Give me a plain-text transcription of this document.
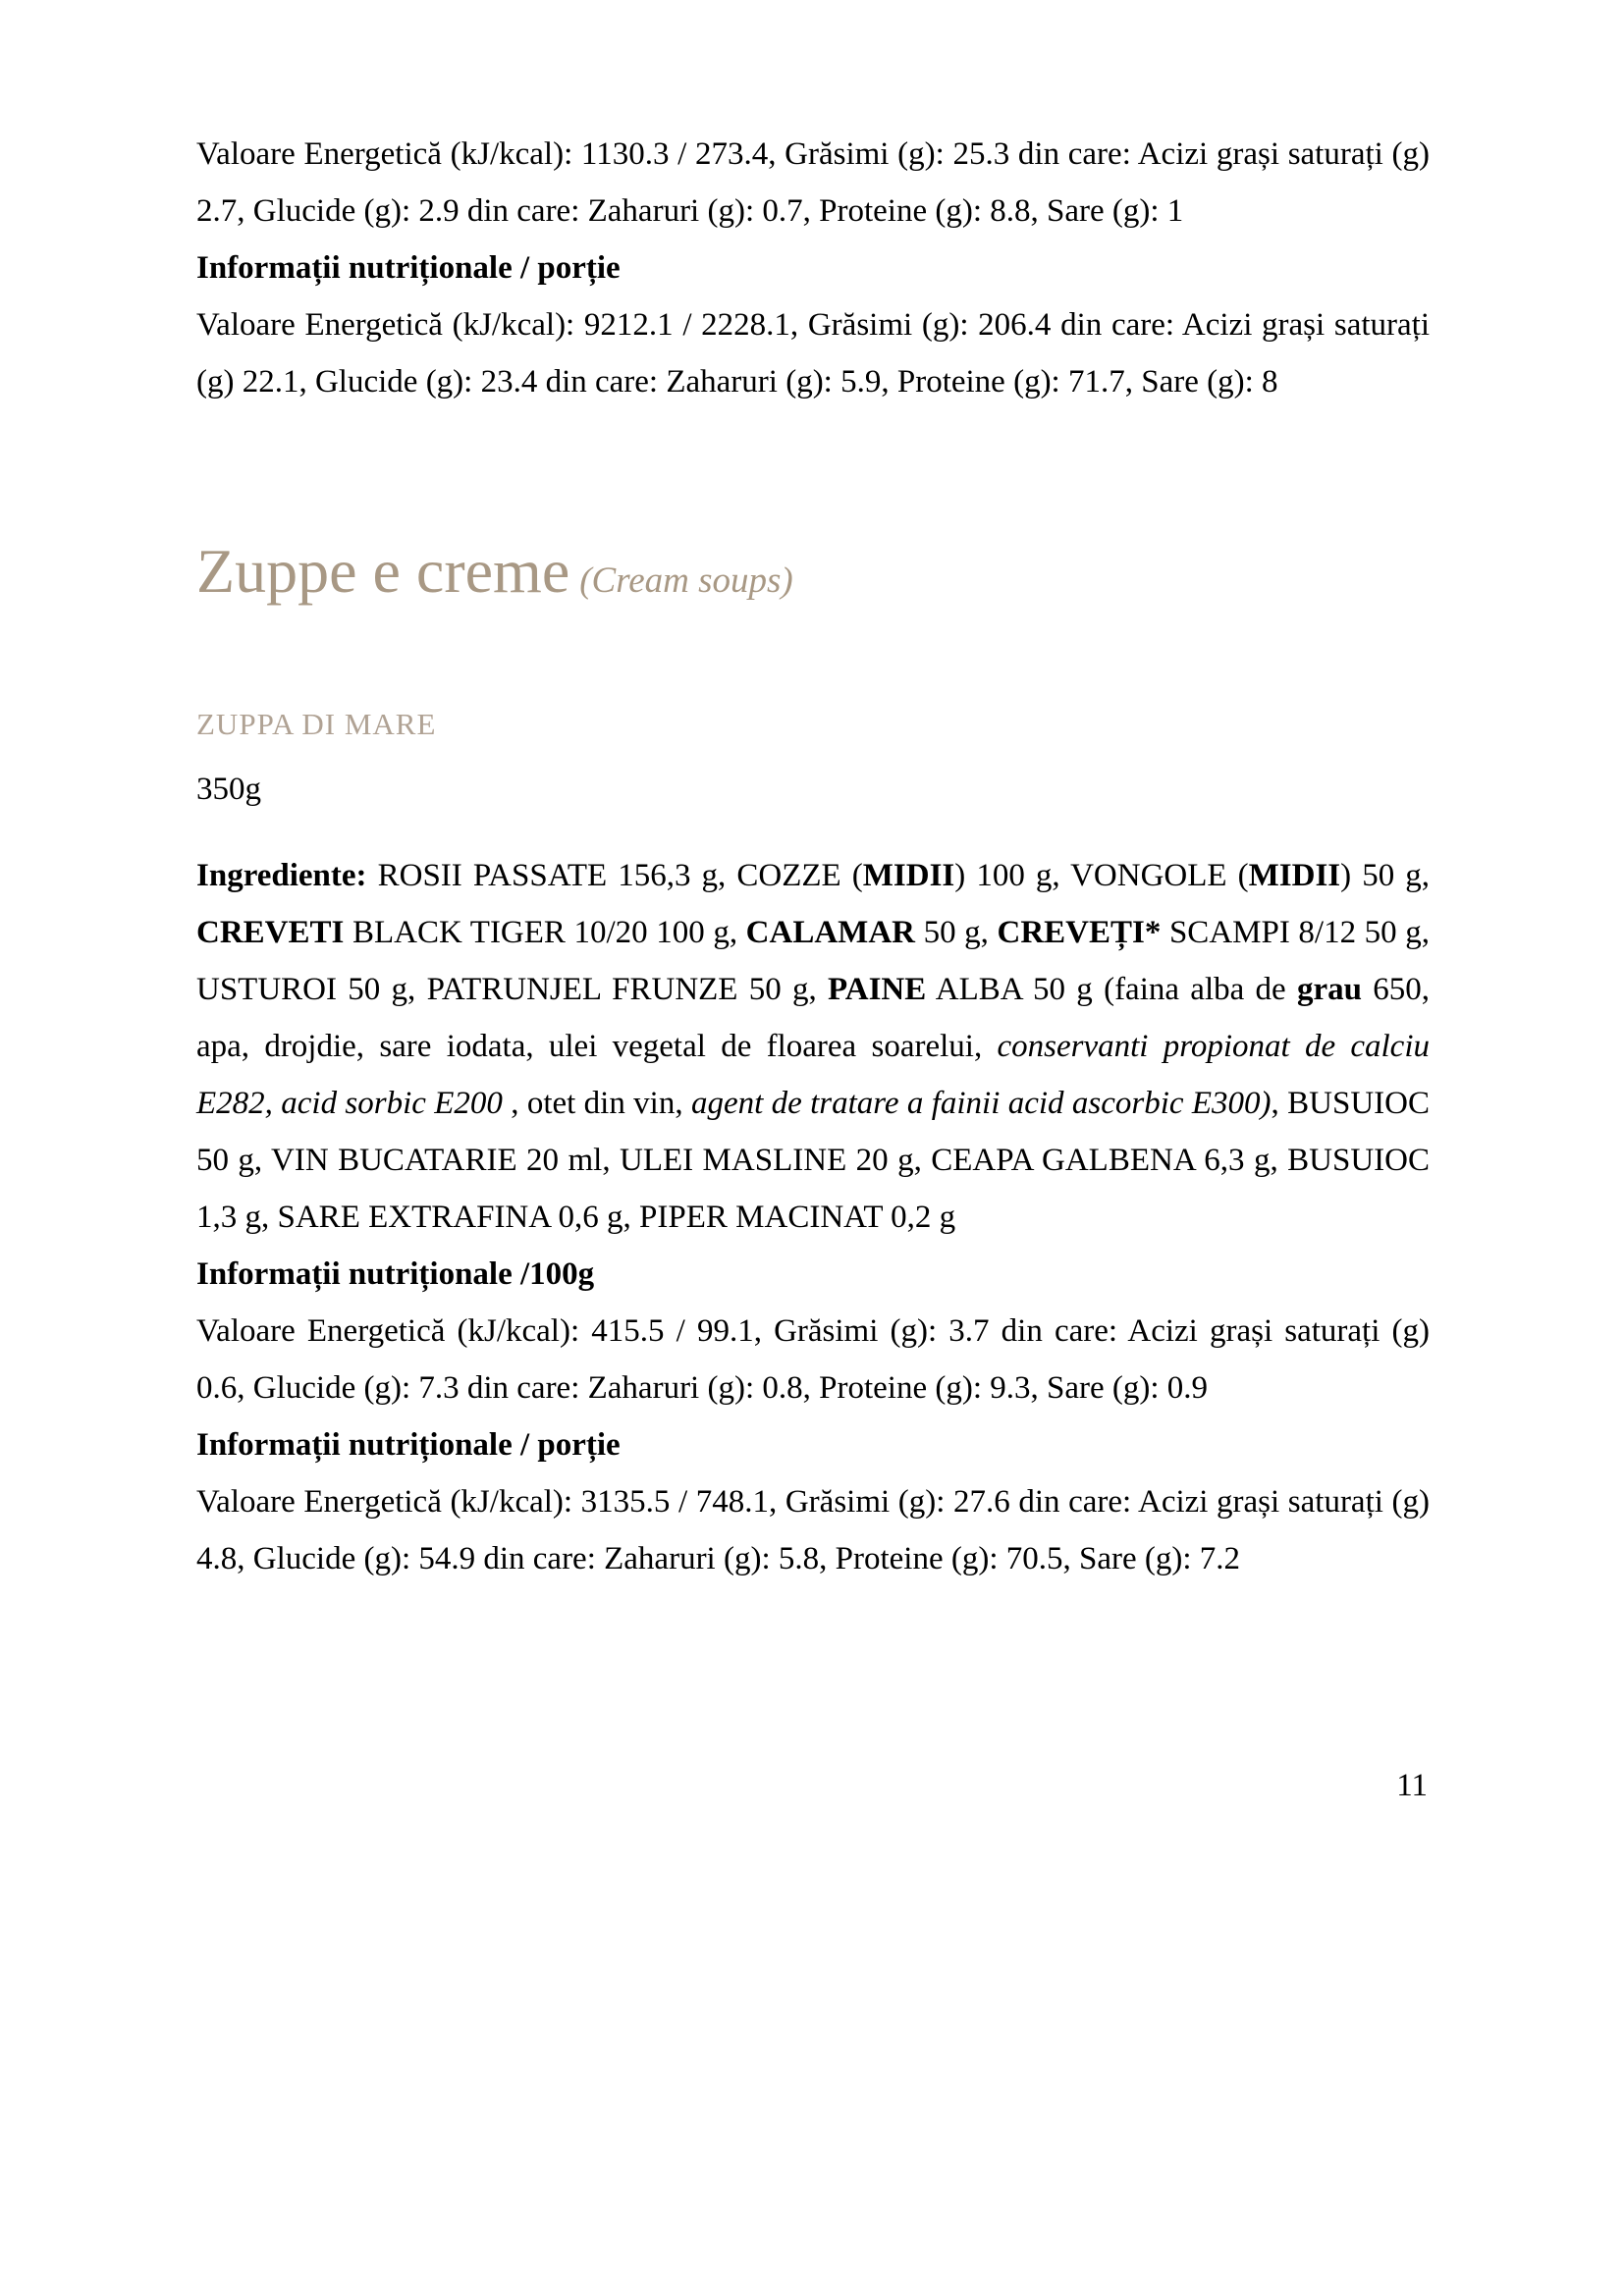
Valoare Energetică (kJ/kcal): 1130.3 / 273.4, Grăsimi (g): 25.3 din care: Acizi grași saturați (g) 2.7, Glucide (g): 2.9 din care: Zaharuri (g): 0.7, Proteine (g): 8.8, Sare (g): 1

Informații nutriționale / porție

Valoare Energetică (kJ/kcal): 9212.1 / 2228.1, Grăsimi (g): 206.4 din care: Acizi grași saturați (g) 22.1, Glucide (g): 23.4 din care: Zaharuri (g): 5.9, Proteine (g): 71.7, Sare (g): 8

Zuppe e creme (Cream soups)
ZUPPA DI MARE

350g

Ingrediente: ROSII PASSATE 156,3 g, COZZE (MIDII) 100 g, VONGOLE (MIDII) 50 g, CREVETI BLACK TIGER 10/20 100 g, CALAMAR 50 g, CREVEȚI* SCAMPI 8/12 50 g, USTUROI 50 g, PATRUNJEL FRUNZE 50 g, PAINE ALBA 50 g (faina alba de grau 650, apa, drojdie, sare iodata, ulei vegetal de floarea soarelui, conservanti propionat de calciu E282, acid sorbic E200 , otet din vin, agent de tratare a fainii acid ascorbic E300), BUSUIOC 50 g, VIN BUCATARIE 20 ml, ULEI MASLINE 20 g, CEAPA GALBENA 6,3 g, BUSUIOC 1,3 g, SARE EXTRAFINA 0,6 g, PIPER MACINAT 0,2 g

Informații nutriționale /100g

Valoare Energetică (kJ/kcal): 415.5 / 99.1, Grăsimi (g): 3.7 din care: Acizi grași saturați (g) 0.6, Glucide (g): 7.3 din care: Zaharuri (g): 0.8, Proteine (g): 9.3, Sare (g): 0.9

Informații nutriționale / porție

Valoare Energetică (kJ/kcal): 3135.5 / 748.1, Grăsimi (g): 27.6 din care: Acizi grași saturați (g) 4.8, Glucide (g): 54.9 din care: Zaharuri (g): 5.8, Proteine (g): 70.5, Sare (g): 7.2

11
